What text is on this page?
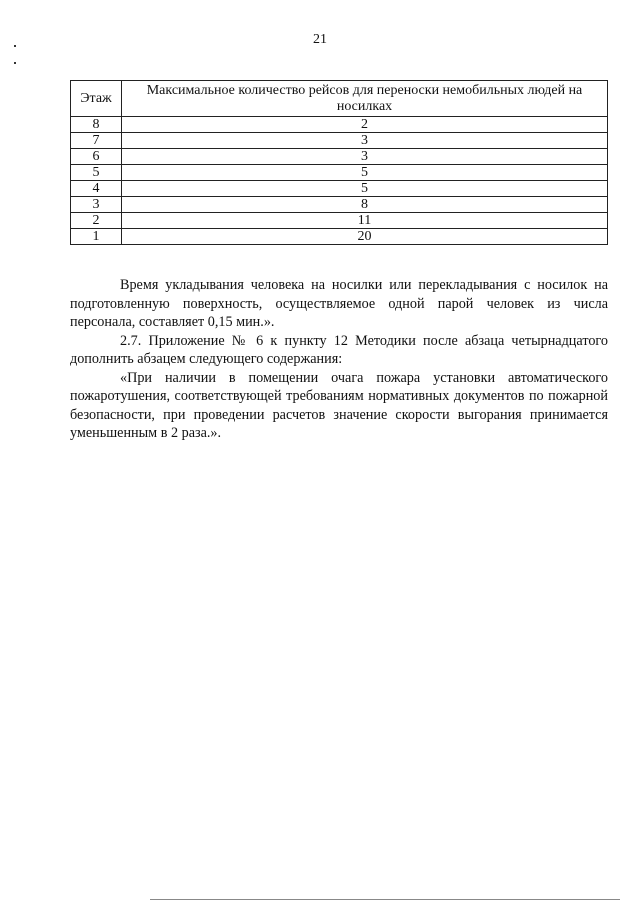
21
Этаж	Максимальное количество рейсов для переноски немобильных людей на носилках
8	2
7	3
6	3
5	5
4	5
3	8
2	11
1	20

Время укладывания человека на носилки или перекладывания с носилок на подготовленную поверхность, осуществляемое одной парой человек из числа персонала, составляет 0,15 мин.».

2.7. Приложение № 6 к пункту 12 Методики после абзаца четырнадцатого дополнить абзацем следующего содержания:

«При наличии в помещении очага пожара установки автоматического пожаротушения, соответствующей требованиям нормативных документов по пожарной безопасности, при проведении расчетов значение скорости выгорания принимается уменьшенным в 2 раза.».
